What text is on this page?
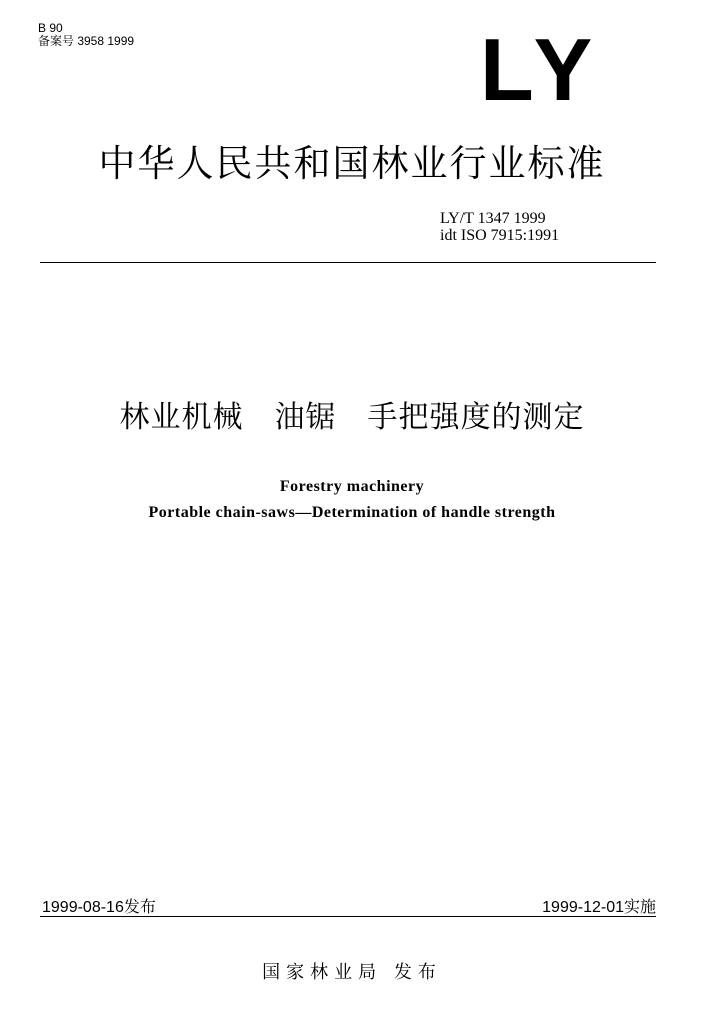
B 90
备案号 3958 1999	LY
中华人民共和国林业行业标准
LY/T 1347 1999
idt ISO 7915:1991
林业机械　油锯　手把强度的测定
Forestry machinery
Portable chain-saws—Determination of handle strength
1999-08-16发布	1999-12-01实施
国家林业局 发布
